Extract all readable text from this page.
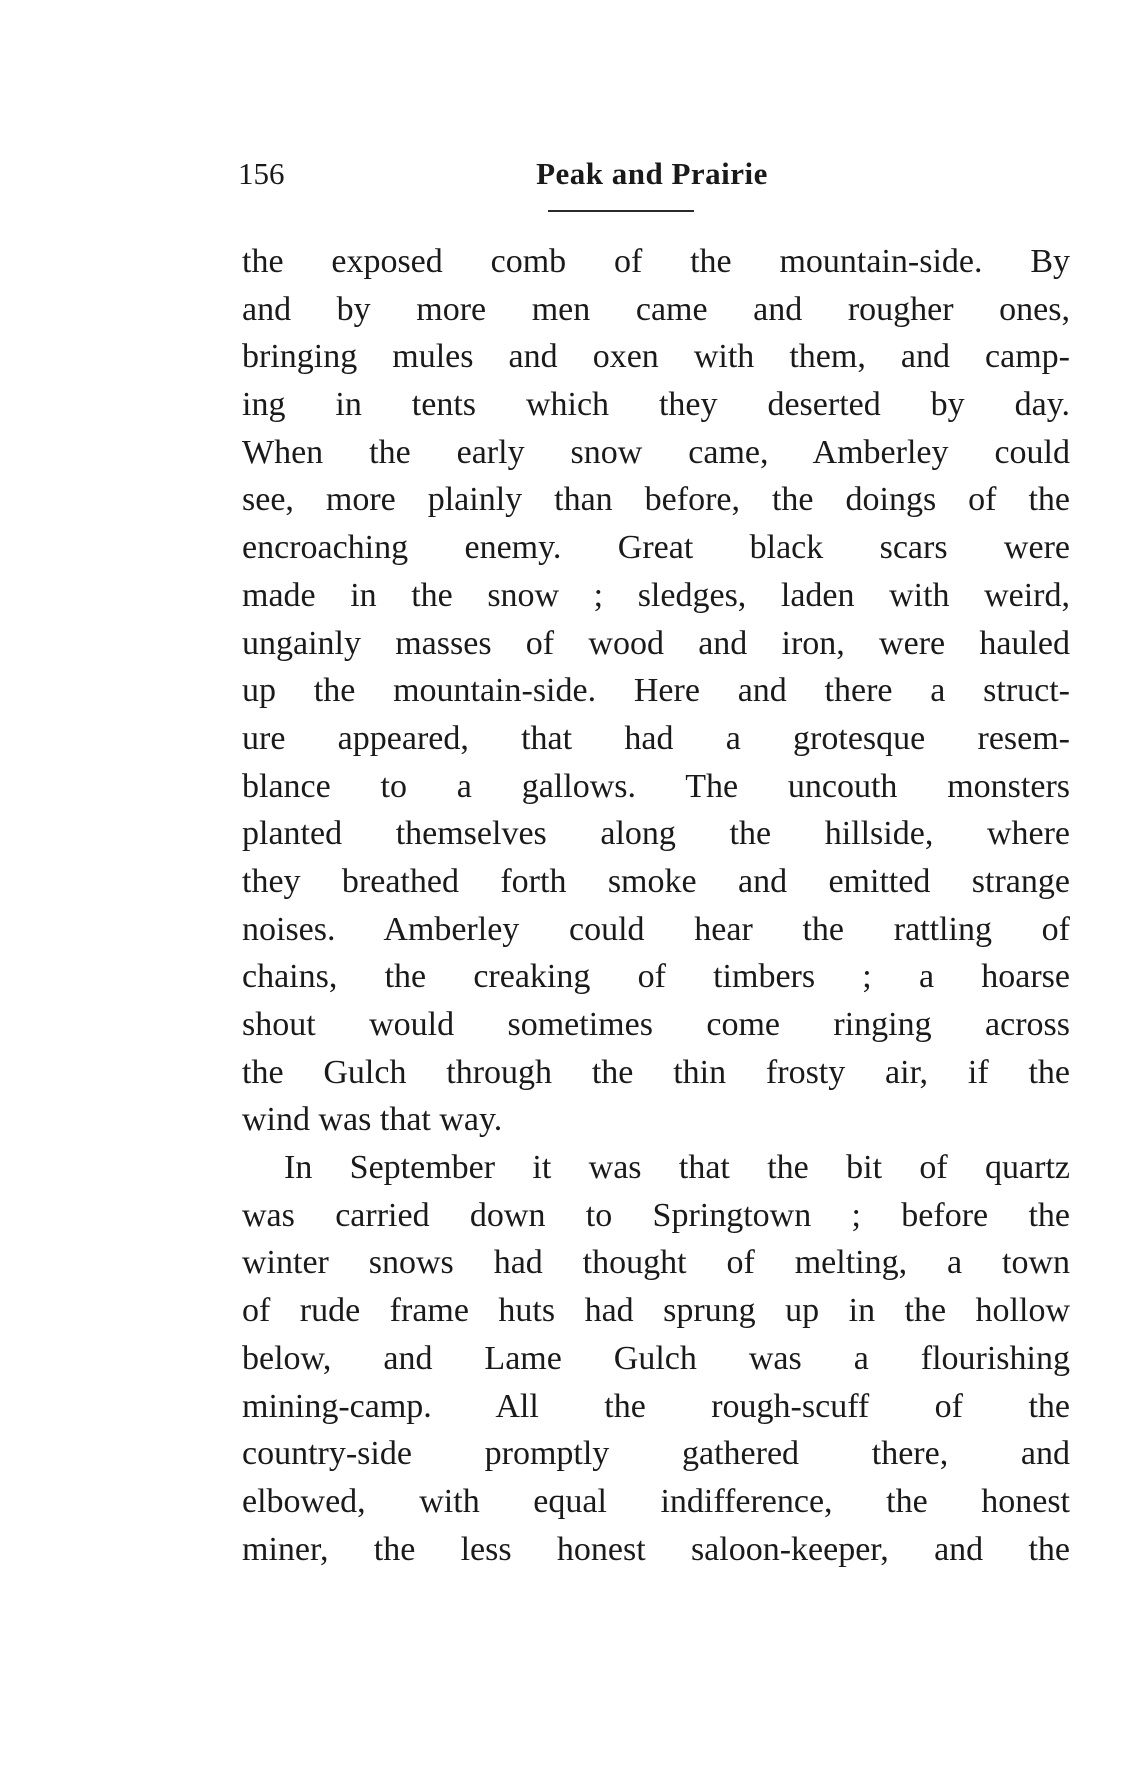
156	Peak and Prairie
the exposed comb of the mountain-side. By
and by more men came and rougher ones,
bringing mules and oxen with them, and camp-
ing in tents which they deserted by day.
When the early snow came, Amberley could
see, more plainly than before, the doings of the
encroaching enemy. Great black scars were
made in the snow ; sledges, laden with weird,
ungainly masses of wood and iron, were hauled
up the mountain-side. Here and there a struct-
ure appeared, that had a grotesque resem-
blance to a gallows. The uncouth monsters
planted themselves along the hillside, where
they breathed forth smoke and emitted strange
noises. Amberley could hear the rattling of
chains, the creaking of timbers ; a hoarse
shout would sometimes come ringing across
the Gulch through the thin frosty air, if the
wind was that way.
In September it was that the bit of quartz
was carried down to Springtown ; before the
winter snows had thought of melting, a town
of rude frame huts had sprung up in the hollow
below, and Lame Gulch was a flourishing
mining-camp. All the rough-scuff of the
country-side promptly gathered there, and
elbowed, with equal indifference, the honest
miner, the less honest saloon-keeper, and the
